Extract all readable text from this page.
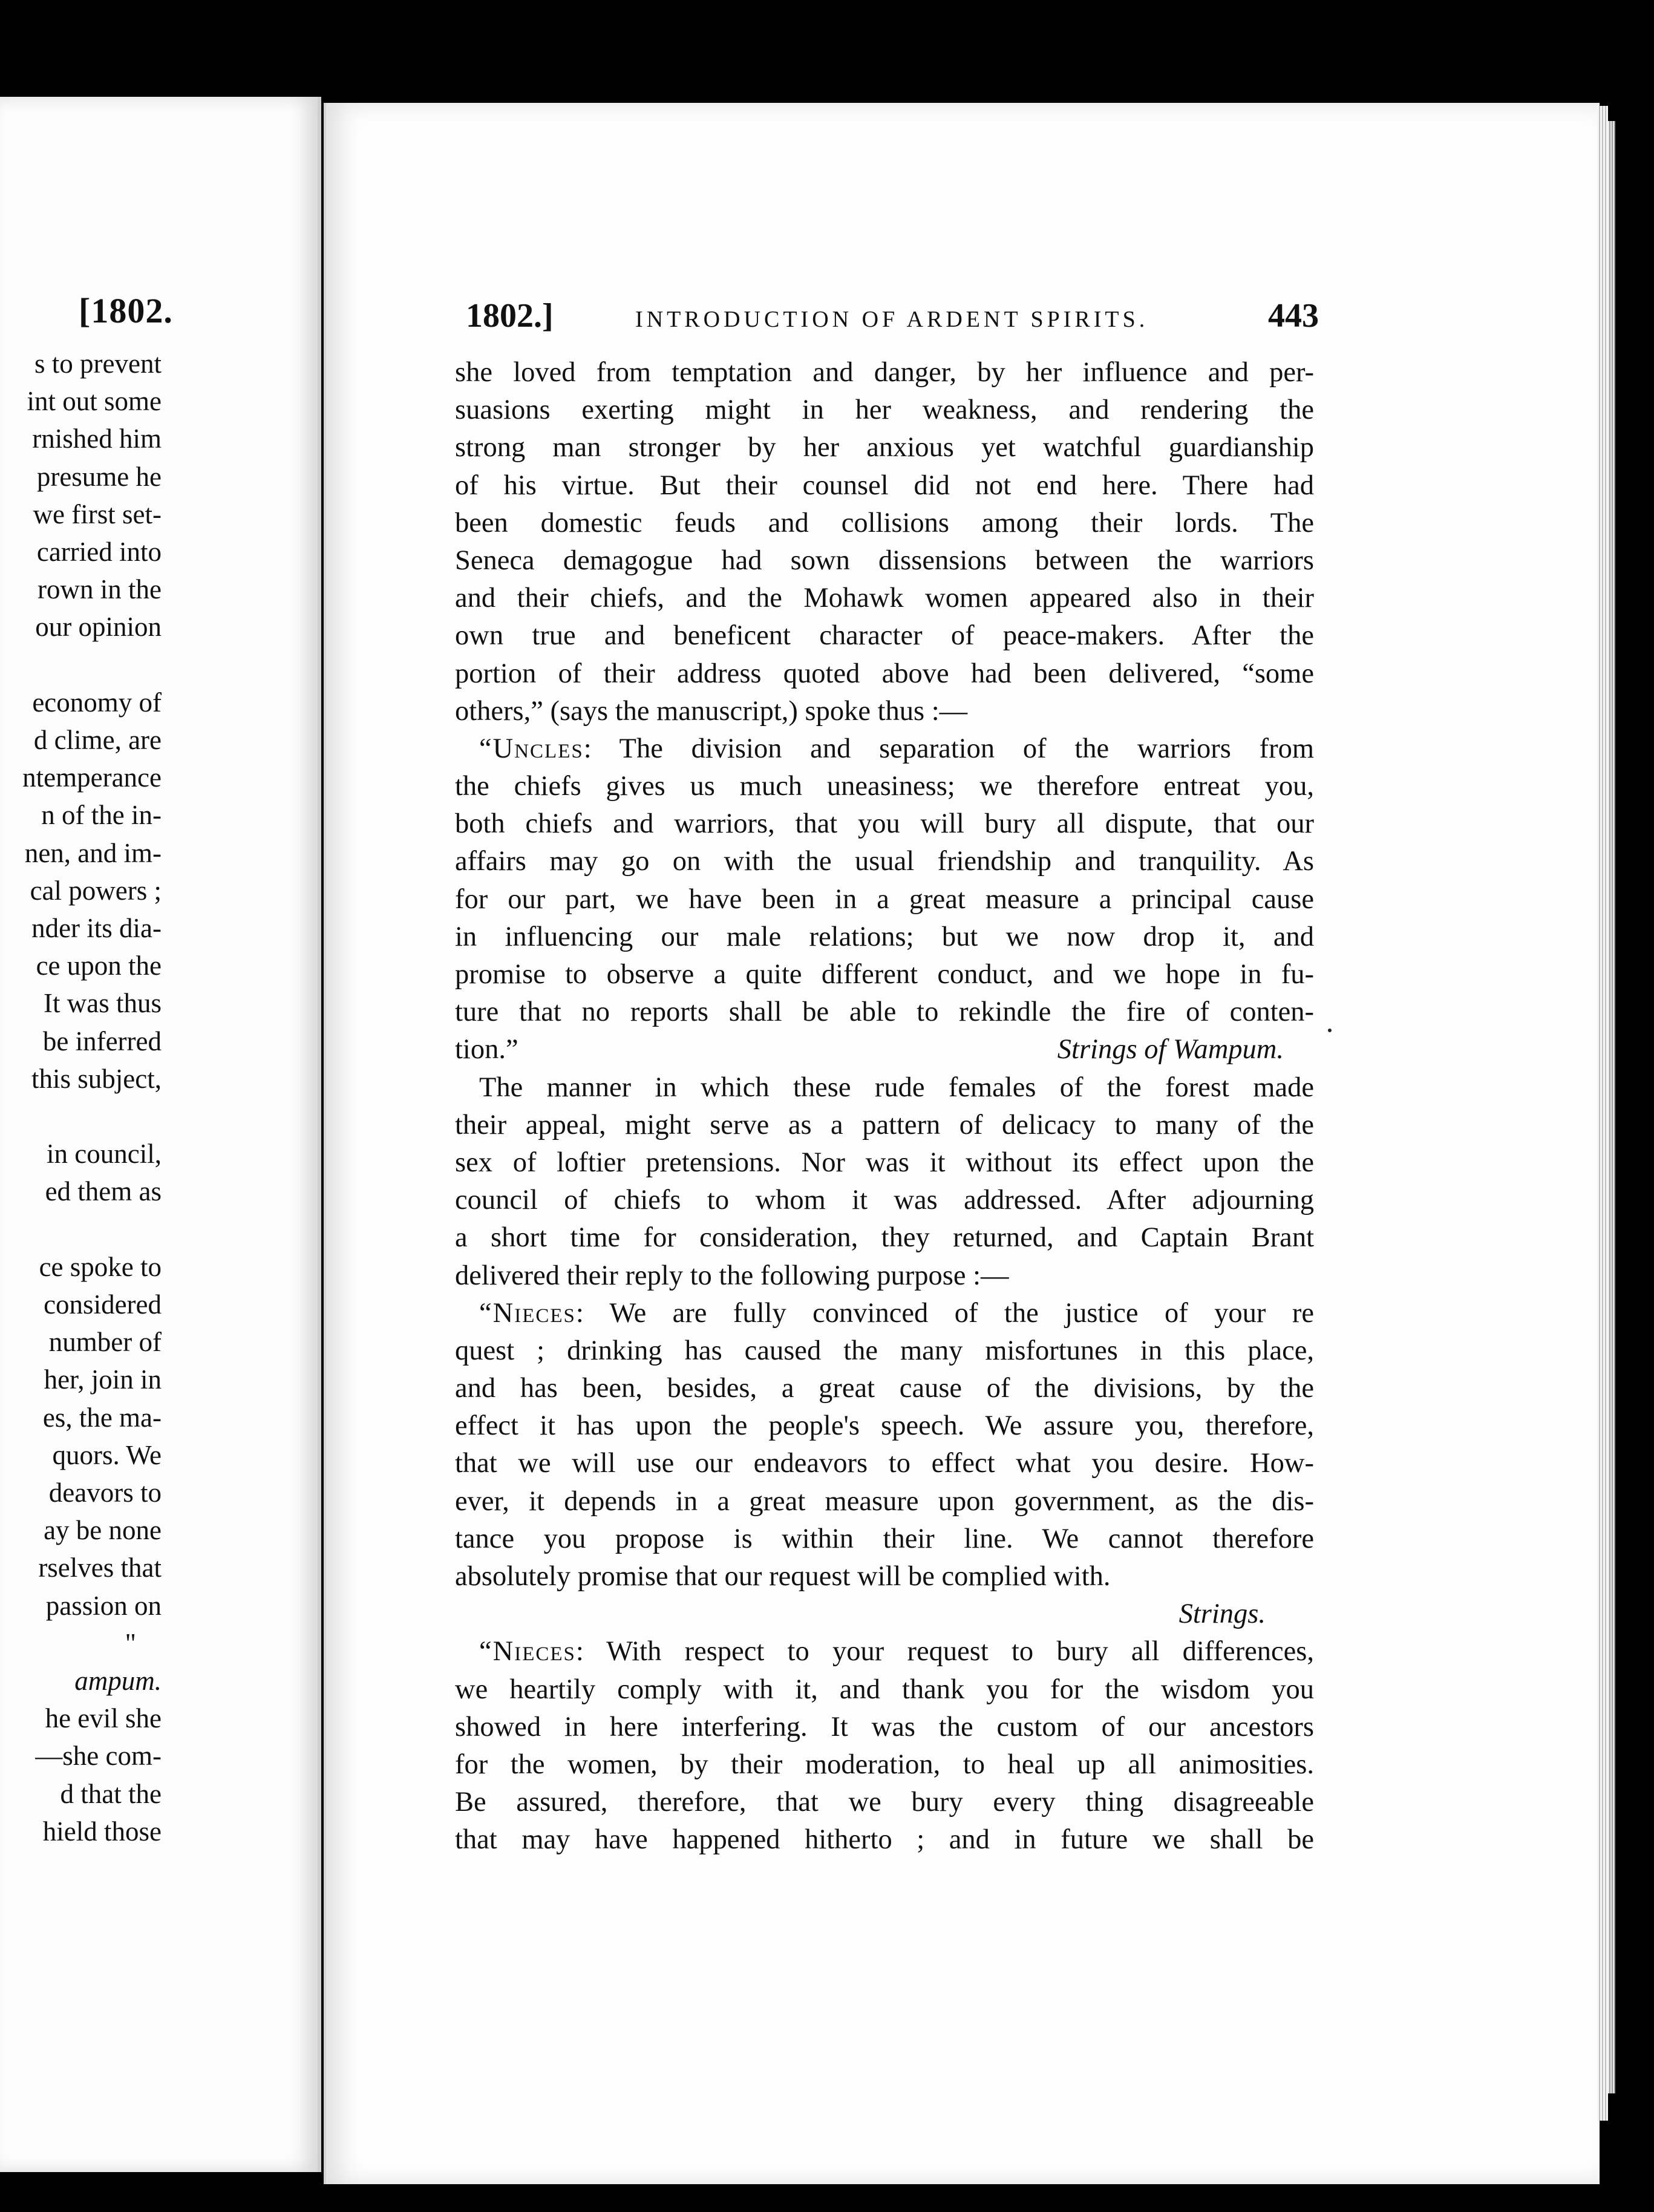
[1802.
s to prevent
int out some
rnished him
presume he
we first set-
carried into
rown in the
our opinion
economy of
d clime, are
ntemperance
n of the in-
nen, and im-
cal powers ;
nder its dia-
ce upon the
It was thus
be inferred
this subject,
in council,
ed them as
ce spoke to
considered
number of
her, join in
es, the ma-
quors. We
deavors to
ay be none
rselves that
passion on
"
ampum.
he evil she
—she com-
d that the
hield those
1802.]	INTRODUCTION OF ARDENT SPIRITS.	443
she loved from temptation and danger, by her influence and per-
suasions exerting might in her weakness, and rendering the
strong man stronger by her anxious yet watchful guardianship
of his virtue. But their counsel did not end here. There had
been domestic feuds and collisions among their lords. The
Seneca demagogue had sown dissensions between the warriors
and their chiefs, and the Mohawk women appeared also in their
own true and beneficent character of peace-makers. After the
portion of their address quoted above had been delivered, “some
others,” (says the manuscript,) spoke thus :—
“Uncles: The division and separation of the warriors from
the chiefs gives us much uneasiness; we therefore entreat you,
both chiefs and warriors, that you will bury all dispute, that our
affairs may go on with the usual friendship and tranquility. As
for our part, we have been in a great measure a principal cause
in influencing our male relations; but we now drop it, and
promise to observe a quite different conduct, and we hope in fu-
ture that no reports shall be able to rekindle the fire of conten-
tion.”	Strings of Wampum.
The manner in which these rude females of the forest made
their appeal, might serve as a pattern of delicacy to many of the
sex of loftier pretensions. Nor was it without its effect upon the
council of chiefs to whom it was addressed. After adjourning
a short time for consideration, they returned, and Captain Brant
delivered their reply to the following purpose :—
“Nieces: We are fully convinced of the justice of your re
quest ; drinking has caused the many misfortunes in this place,
and has been, besides, a great cause of the divisions, by the
effect it has upon the people's speech. We assure you, therefore,
that we will use our endeavors to effect what you desire. How-
ever, it depends in a great measure upon government, as the dis-
tance you propose is within their line. We cannot therefore
absolutely promise that our request will be complied with.
Strings.
“Nieces: With respect to your request to bury all differences,
we heartily comply with it, and thank you for the wisdom you
showed in here interfering. It was the custom of our ancestors
for the women, by their moderation, to heal up all animosities.
Be assured, therefore, that we bury every thing disagreeable
that may have happened hitherto ; and in future we shall be
